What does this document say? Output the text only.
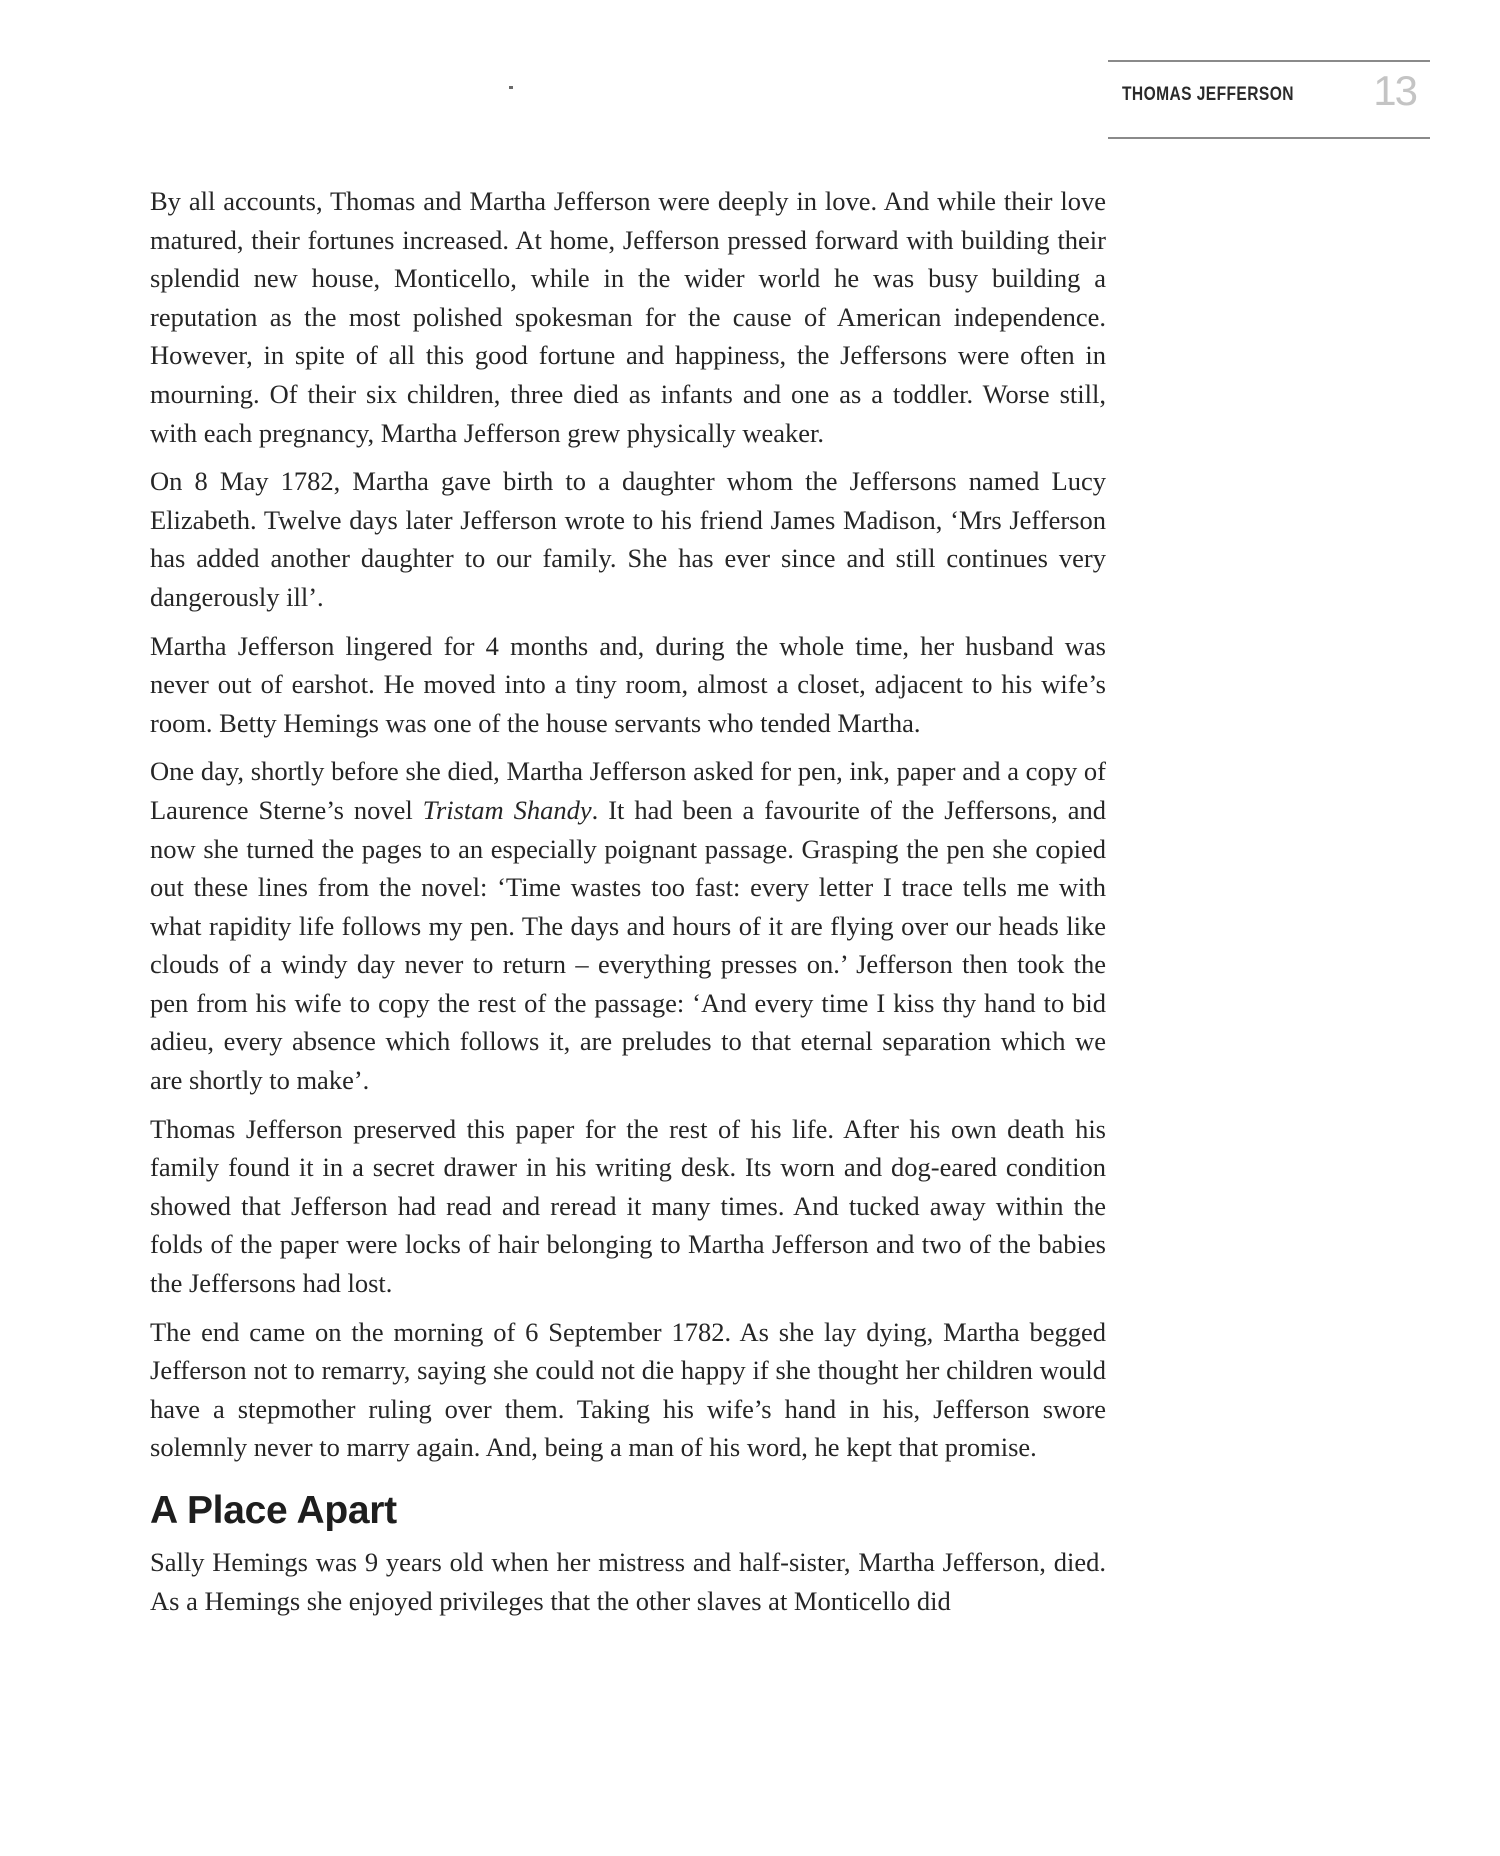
THOMAS JEFFERSON 13

By all accounts, Thomas and Martha Jefferson were deeply in love. And while their love matured, their fortunes increased. At home, Jefferson pressed forward with building their splendid new house, Monticello, while in the wider world he was busy building a reputation as the most polished spokesman for the cause of American independence. However, in spite of all this good fortune and happiness, the Jeffersons were often in mourning. Of their six children, three died as infants and one as a toddler. Worse still, with each pregnancy, Martha Jefferson grew physically weaker.

On 8 May 1782, Martha gave birth to a daughter whom the Jeffersons named Lucy Elizabeth. Twelve days later Jefferson wrote to his friend James Madison, ‘Mrs Jefferson has added another daughter to our family. She has ever since and still continues very dangerously ill’.

Martha Jefferson lingered for 4 months and, during the whole time, her husband was never out of earshot. He moved into a tiny room, almost a closet, adjacent to his wife’s room. Betty Hemings was one of the house servants who tended Martha.

One day, shortly before she died, Martha Jefferson asked for pen, ink, paper and a copy of Laurence Sterne’s novel Tristam Shandy. It had been a favourite of the Jeffersons, and now she turned the pages to an especially poignant passage. Grasping the pen she copied out these lines from the novel: ‘Time wastes too fast: every letter I trace tells me with what rapidity life follows my pen. The days and hours of it are flying over our heads like clouds of a windy day never to return – everything presses on.’ Jefferson then took the pen from his wife to copy the rest of the passage: ‘And every time I kiss thy hand to bid adieu, every absence which follows it, are preludes to that eternal separation which we are shortly to make’.

Thomas Jefferson preserved this paper for the rest of his life. After his own death his family found it in a secret drawer in his writing desk. Its worn and dog-eared condition showed that Jefferson had read and reread it many times. And tucked away within the folds of the paper were locks of hair belonging to Martha Jefferson and two of the babies the Jeffersons had lost.

The end came on the morning of 6 September 1782. As she lay dying, Martha begged Jefferson not to remarry, saying she could not die happy if she thought her children would have a stepmother ruling over them. Taking his wife’s hand in his, Jefferson swore solemnly never to marry again. And, being a man of his word, he kept that promise.

A Place Apart

Sally Hemings was 9 years old when her mistress and half-sister, Martha Jefferson, died. As a Hemings she enjoyed privileges that the other slaves at Monticello did
